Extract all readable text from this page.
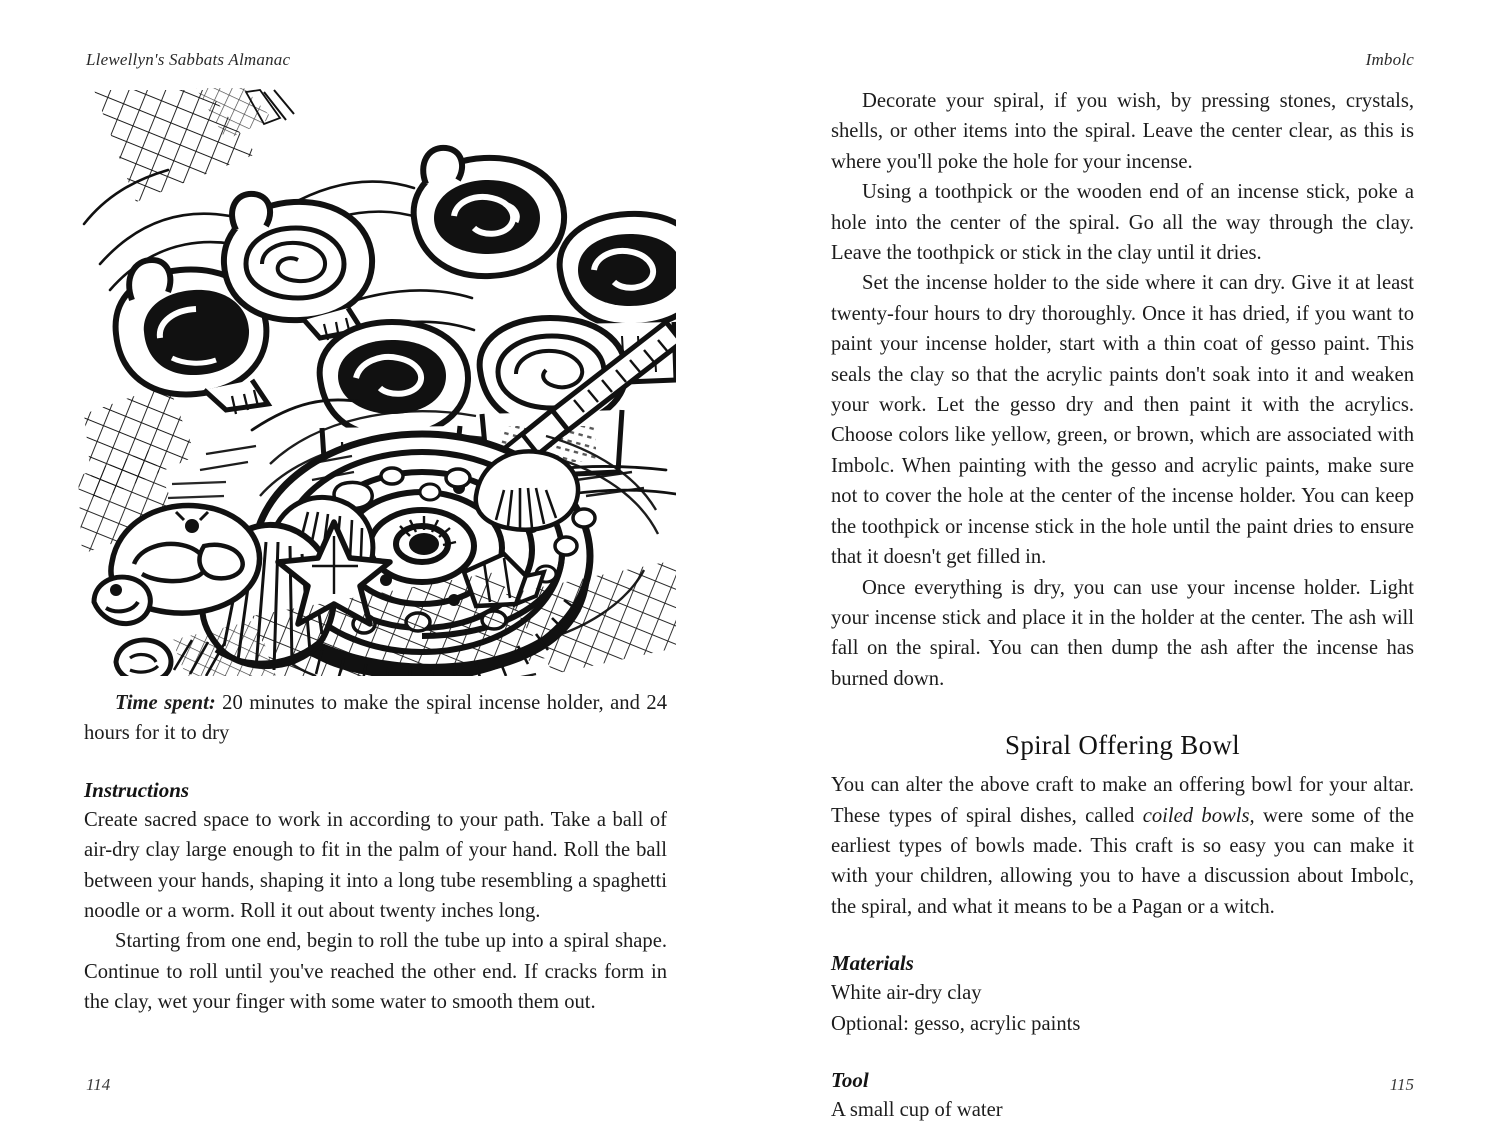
Llewellyn's Sabbats Almanac	Imbolc

Time spent: 20 minutes to make the spiral incense holder, and 24 hours for it to dry

Instructions

Create sacred space to work in according to your path. Take a ball of air-dry clay large enough to fit in the palm of your hand. Roll the ball between your hands, shaping it into a long tube resembling a spaghetti noodle or a worm. Roll it out about twenty inches long.

Starting from one end, begin to roll the tube up into a spiral shape. Continue to roll until you've reached the other end. If cracks form in the clay, wet your finger with some water to smooth them out.

Decorate your spiral, if you wish, by pressing stones, crystals, shells, or other items into the spiral. Leave the center clear, as this is where you'll poke the hole for your incense.

Using a toothpick or the wooden end of an incense stick, poke a hole into the center of the spiral. Go all the way through the clay. Leave the toothpick or stick in the clay until it dries.

Set the incense holder to the side where it can dry. Give it at least twenty-four hours to dry thoroughly. Once it has dried, if you want to paint your incense holder, start with a thin coat of gesso paint. This seals the clay so that the acrylic paints don't soak into it and weaken your work. Let the gesso dry and then paint it with the acrylics. Choose colors like yellow, green, or brown, which are associated with Imbolc. When painting with the gesso and acrylic paints, make sure not to cover the hole at the center of the incense holder. You can keep the toothpick or incense stick in the hole until the paint dries to ensure that it doesn't get filled in.

Once everything is dry, you can use your incense holder. Light your incense stick and place it in the holder at the center. The ash will fall on the spiral. You can then dump the ash after the incense has burned down.

Spiral Offering Bowl

You can alter the above craft to make an offering bowl for your altar. These types of spiral dishes, called coiled bowls, were some of the earliest types of bowls made. This craft is so easy you can make it with your children, allowing you to have a discussion about Imbolc, the spiral, and what it means to be a Pagan or a witch.

Materials

White air-dry clay

Optional: gesso, acrylic paints

Tool

A small cup of water

114	115
